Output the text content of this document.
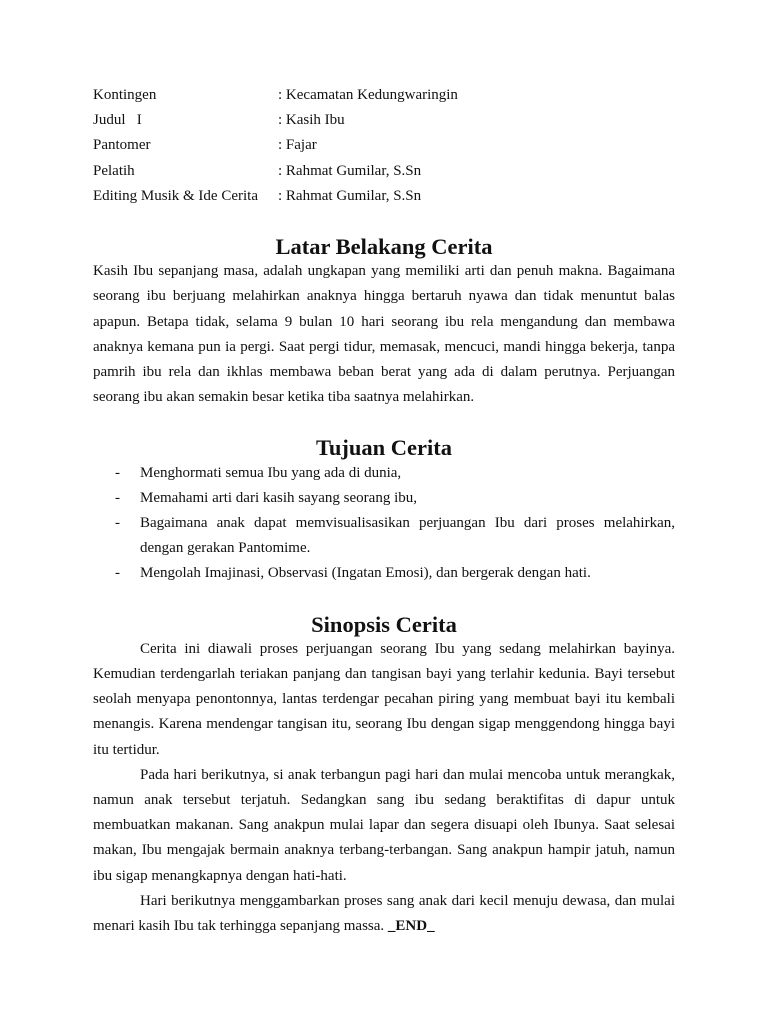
Kontingen	: Kecamatan Kedungwaringin
Judul   I	: Kasih Ibu
Pantomer	: Fajar
Pelatih	: Rahmat Gumilar, S.Sn
Editing Musik & Ide Cerita	: Rahmat Gumilar, S.Sn
Latar Belakang Cerita

Kasih Ibu sepanjang masa, adalah ungkapan yang memiliki arti dan penuh makna. Bagaimana seorang ibu berjuang melahirkan anaknya hingga bertaruh nyawa dan tidak menuntut balas apapun. Betapa tidak, selama 9 bulan 10 hari seorang ibu rela mengandung dan membawa anaknya kemana pun ia pergi. Saat pergi tidur, memasak, mencuci, mandi hingga bekerja, tanpa pamrih ibu rela dan ikhlas membawa beban berat yang ada di dalam perutnya. Perjuangan seorang ibu akan semakin besar ketika tiba saatnya melahirkan.

Tujuan Cerita
-	Menghormati semua Ibu yang ada di dunia,
-	Memahami arti dari kasih sayang seorang ibu,
-	Bagaimana anak dapat memvisualisasikan perjuangan Ibu dari proses melahirkan, dengan gerakan Pantomime.
-	Mengolah Imajinasi, Observasi (Ingatan Emosi), dan bergerak dengan hati.
Sinopsis Cerita

Cerita ini diawali proses perjuangan seorang Ibu yang sedang melahirkan bayinya. Kemudian terdengarlah teriakan panjang dan tangisan bayi yang terlahir kedunia. Bayi tersebut seolah menyapa penontonnya, lantas terdengar pecahan piring yang membuat bayi itu kembali menangis. Karena mendengar tangisan itu, seorang Ibu dengan sigap menggendong hingga bayi itu tertidur.

Pada hari berikutnya, si anak terbangun pagi hari dan mulai mencoba untuk merangkak, namun anak tersebut terjatuh. Sedangkan sang ibu sedang beraktifitas di dapur untuk membuatkan makanan. Sang anakpun mulai lapar dan segera disuapi oleh Ibunya. Saat selesai makan, Ibu mengajak bermain anaknya terbang-terbangan. Sang anakpun hampir jatuh, namun ibu sigap menangkapnya dengan hati-hati.

Hari berikutnya menggambarkan proses sang anak dari kecil menuju dewasa, dan mulai menari kasih Ibu tak terhingga sepanjang massa. _END_
